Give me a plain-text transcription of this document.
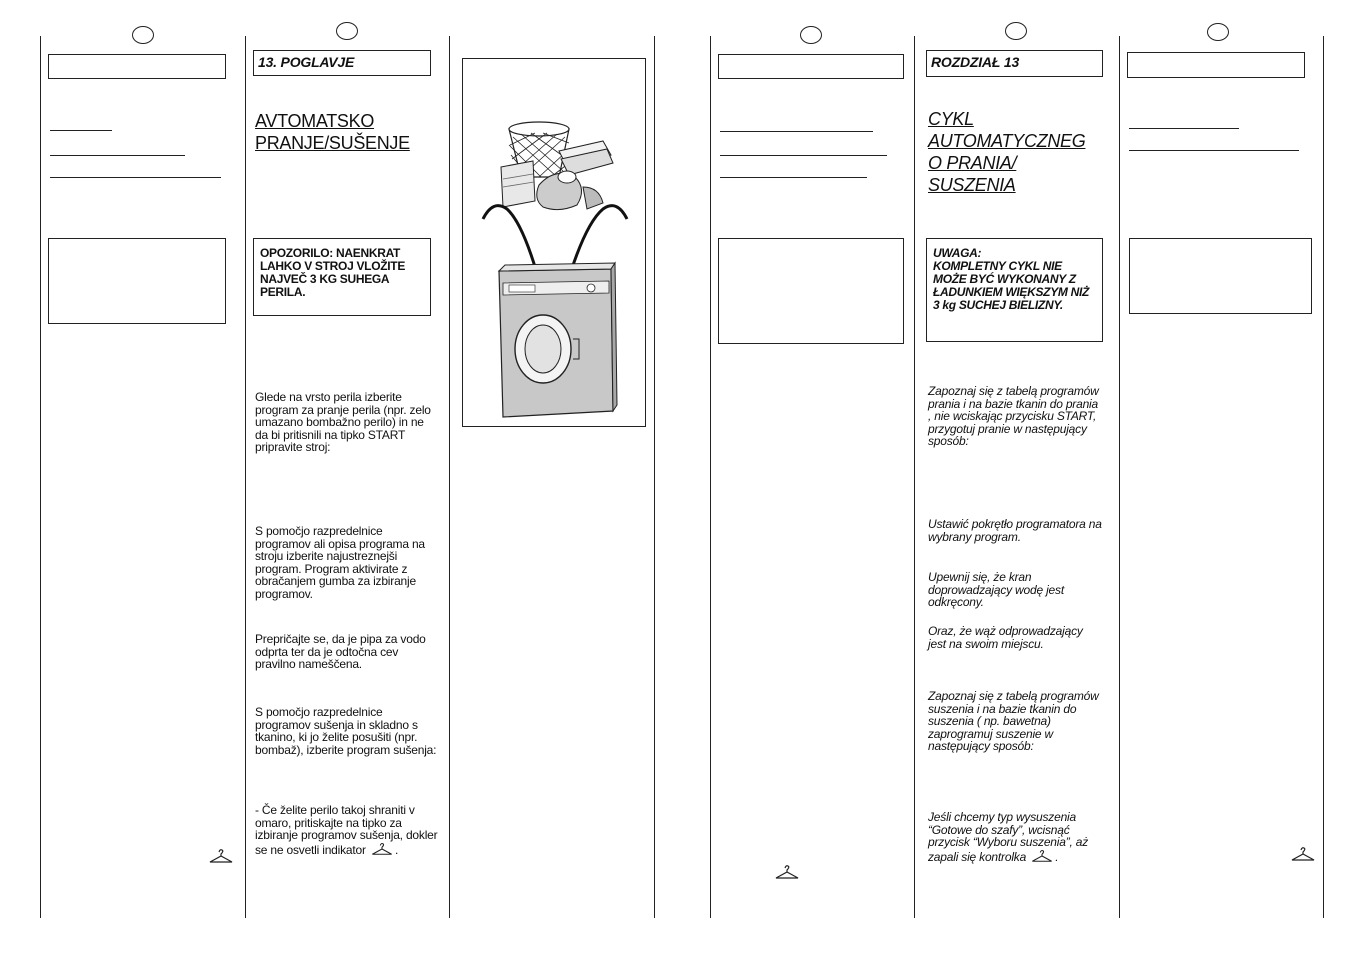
13. POGLAVJE
AVTOMATSKO
PRANJE/SUŠENJE
OPOZORILO: NAENKRAT LAHKO V STROJ VLOŽITE NAJVEČ 3 KG SUHEGA PERILA.
Glede na vrsto perila izberite program za pranje perila (npr. zelo umazano bombažno perilo) in ne da bi pritisnili na tipko START pripravite stroj:
S pomočjo razpredelnice programov ali opisa programa na stroju izberite najustreznejši program. Program aktivirate z obračanjem gumba za izbiranje programov.
Prepričajte se, da je pipa za vodo odprta ter da je odtočna cev pravilno nameščena.
S pomočjo razpredelnice programov sušenja in skladno s tkanino, ki jo želite posušiti (npr. bombaž), izberite program sušenja:
- Če želite perilo takoj shraniti v omaro, pritiskajte na tipko za izbiranje programov sušenja, dokler se ne osvetli indikator .
ROZDZIAŁ 13
CYKL
AUTOMATYCZNEG
O PRANIA/
SUSZENIA
UWAGA:
KOMPLETNY CYKL NIE MOŻE BYĆ WYKONANY Z ŁADUNKIEM WIĘKSZYM NIŻ 3 kg SUCHEJ BIELIZNY.
Zapoznaj się z tabelą programów prania i na bazie tkanin do prania , nie wciskając przycisku START, przygotuj pranie w następujący sposób:
Ustawić pokrętło programatora na wybrany program.
Upewnij się, że kran doprowadzający wodę jest odkręcony.
Oraz, że wąż odprowadzający jest na swoim miejscu.
Zapoznaj się z tabelą programów suszenia i na bazie tkanin do suszenia ( np. bawetna) zaprogramuj suszenie w następujący sposób:
Jeśli chcemy typ wysuszenia “Gotowe do szafy”, wcisnąć przycisk “Wyboru suszenia”, aż zapali się kontrolka .
